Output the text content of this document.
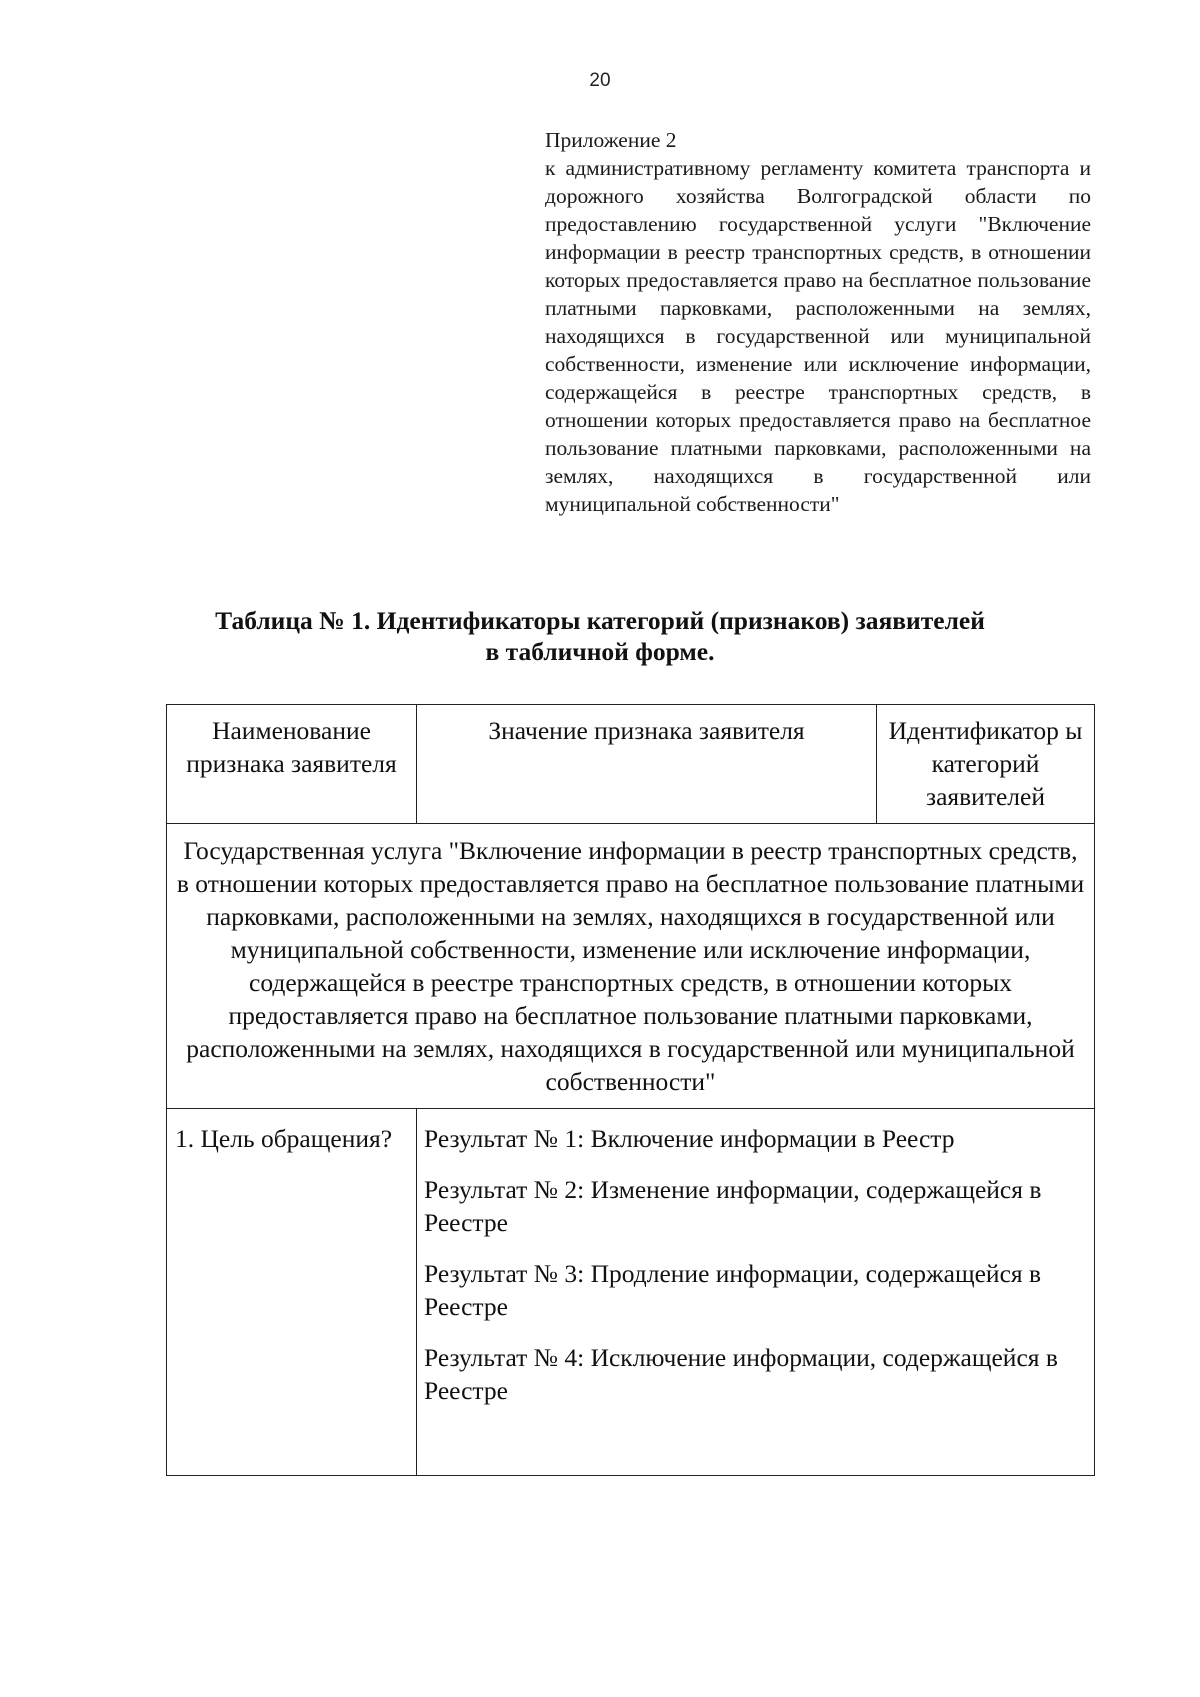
20
Приложение 2
к административному регламенту комитета транспорта и дорожного хозяйства Волгоградской области по предоставлению государственной услуги "Включение информации в реестр транспортных средств, в отношении которых предоставляется право на бесплатное пользование платными парковками, расположенными на землях, находящихся в государственной или муниципальной собственности, изменение или исключение информации, содержащейся в реестре транспортных средств, в отношении которых предоставляется право на бесплатное пользование платными парковками, расположенными на землях, находящихся в государственной или муниципальной собственности"
Таблица № 1. Идентификаторы категорий (признаков) заявителей
в табличной форме.
Наименование признака заявителя	Значение признака заявителя	Идентификатор ы категорий заявителей

Государственная услуга "Включение информации в реестр транспортных средств, в отношении которых предоставляется право на бесплатное пользование платными парковками, расположенными на землях, находящихся в государственной или муниципальной собственности, изменение или исключение информации, содержащейся в реестре транспортных средств, в отношении которых предоставляется право на бесплатное пользование платными парковками, расположенными на землях, находящихся в государственной или муниципальной собственности"		

1. Цель обращения?	Результат № 1: Включение информации в Реестр
Результат № 2: Изменение информации, содержащейся в Реестре
Результат № 3: Продление информации, содержащейся в Реестре
Результат № 4: Исключение информации, содержащейся в Реестре	
